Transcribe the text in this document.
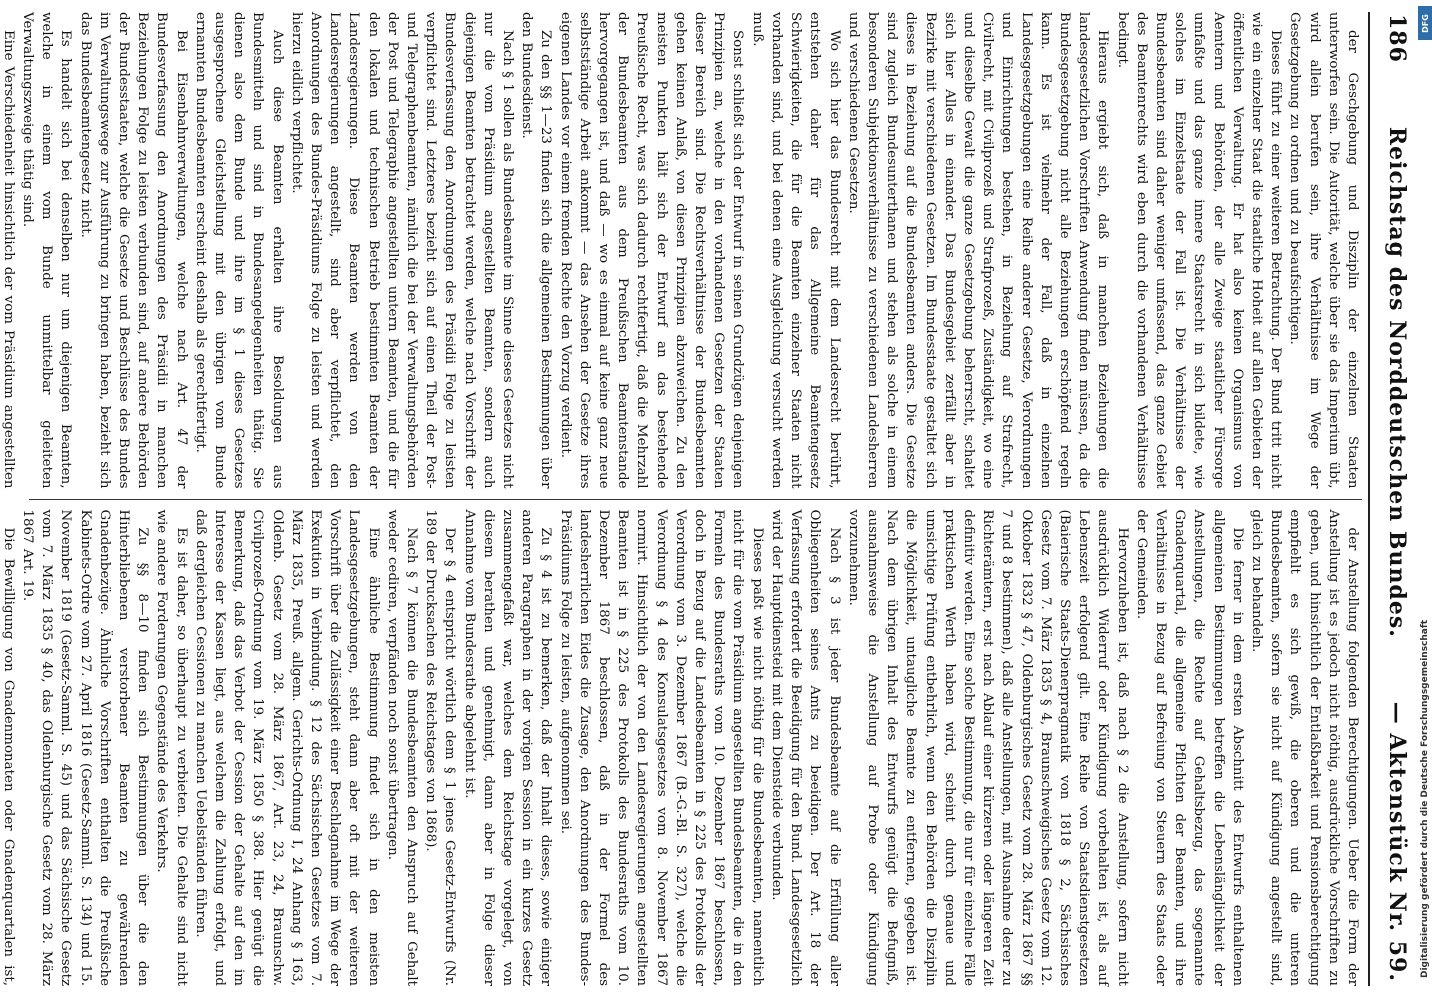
186
Reichstag des Norddeutschen Bundes.
— Aktenstück Nr. 59.

der Geschgebung und Disziplin der einzelnen Staaten unterworfen sein. Die Autorität, welche über sie das Imperium übt, wird allein berufen sein, ihre Verhältnisse im Wege der Gesetzgebung zu ordnen und zu beaufsichtigen.

Dieses führt zu einer weiteren Betrachtung. Der Bund tritt nicht wie ein einzelner Staat die staatliche Hoheit auf allen Gebieten der öffentlichen Verwaltung. Er hat also keinen Organismus von Aemtern und Behörden, der alle Zweige staatlicher Fürsorge umfaßte und das ganze innere Staatsrecht in sich bildete, wie solches im Einzelstaate der Fall ist. Die Verhältnisse der Bundesbeamten sind daher weniger umfassend, das ganze Gebiet des Beamtenrechts wird eben durch die vorhandenen Verhältnisse bedingt.

Hieraus ergiebt sich, daß in manchen Beziehungen die landesgesetzlichen Vorschriften Anwendung finden müssen, da die Bundesgesetzgebung nicht alle Beziehungen erschöpfend regeln kann. Es ist vielmehr der Fall, daß in einzelnen Landesgesetzgebungen eine Reihe anderer Gesetze, Verordnungen und Einrichtungen bestehen, in Beziehung auf Strafrecht, Civilrecht, mit Civilprozeß und Strafprozeß, Zuständigkeit, wo eine und dieselbe Gewalt die ganze Gesetzgebung beherrscht, schaltet sich hier Alles in einander. Das Bundesgebiet zerfällt aber in Bezirke mit verschiedenen Gesetzen. Im Bundesstaate gestaltet sich dieses in Beziehung auf die Bundesbeamten anders. Die Gesetze sind zugleich Bundesunterthanen und stehen als solche in einem besonderen Subjektionsverhältnisse zu verschiedenen Landesherren und verschiedenen Gesetzen.

Wo sich hier das Bundesrecht mit dem Landesrecht berührt, entstehen daher für das Allgemeine Beamtengesetz Schwierigkeiten, die für die Beamten einzelner Staaten nicht vorhanden sind, und bei denen eine Ausgleichung versucht werden muß.

Sonst schließt sich der Entwurf in seinen Grundzügen denjenigen Prinzipien an, welche in den vorhandenen Gesetzen der Staaten dieser Bereich sind. Die Rechtsverhältnisse der Bundesbeamten gehen keinen Anlaß, von diesen Prinzipien abzuweichen. Zu den meisten Punkten hält sich der Entwurf an das bestehende Preußische Recht, was sich dadurch rechtfertigt, daß die Mehrzahl der Bundesbeamten aus dem Preußischen Beamtenstande hervorgegangen ist, und daß — wo es einmal auf keine ganz neue selbstständige Arbeit ankommt — das Ansehen der Gesetze ihres eigenen Landes vor einem fremden Rechte den Vorzug verdient.

Zu den §§ 1—23 finden sich die allgemeinen Bestimmungen über den Bundesdienst.

Nach § 1 sollen als Bundesbeamte im Sinne dieses Gesetzes nicht nur die vom Präsidium angestellten Beamten, sondern auch diejenigen Beamten betrachtet werden, welche nach Vorschrift der Bundesverfassung den Anordnungen des Präsidii Folge zu leisten verpflichtet sind. Letzteres bezieht sich auf einen Theil der Post- und Telegraphenbeamten, nämlich die bei der Verwaltungsbehörden der Post und Telegraphie angestellten untern Beamten, und die für den lokalen und technischen Betrieb bestimmten Beamten der Landesregierungen. Diese Beamten werden von den Landesregierungen angestellt, sind aber verpflichtet, den Anordnungen des Bundes-Präsidiums Folge zu leisten und werden hierzu eidlich verpflichtet.

Auch diese Beamten erhalten ihre Besoldungen aus Bundesmitteln und sind in Bundesangelegenheiten thätig. Sie dienen also dem Bunde und ihre im § 1 dieses Gesetzes ausgesprochene Gleichstellung mit den übrigen vom Bunde ernannten Bundesbeamten erscheint deshalb als gerechtfertigt.

Bei Eisenbahnverwaltungen, welche nach Art. 47 der Bundesverfassung den Anordnungen des Präsidii in manchen Beziehungen Folge zu leisten verbunden sind, auf andere Behörden der Bundesstaaten, welche die Gesetze und Beschlüsse des Bundes im Verwaltungswege zur Ausführung zu bringen haben, bezieht sich das Bundesbeamtengesetz nicht.

Es handelt sich bei denselben nur um diejenigen Beamten, welche in einem vom Bunde unmittelbar geleiteten Verwaltungszweige thätig sind.

Eine Verschiedenheit hinsichtlich der vom Präsidium angestellten

der Anstellung folgenden Berechtigungen. Ueber die Form der Anstellung ist es jedoch nicht nöthig, ausdrückliche Vorschriften zu geben, und hinsichtlich der Entlaßbarkeit und Pensionsberechtigung empfiehlt es sich gewiß, die oberen und die unteren Bundesbeamten, sofern sie nicht auf Kündigung angestellt sind, gleich zu behandeln.

Die ferner in dem ersten Abschnitt des Entwurfs enthaltenen allgemeinen Bestimmungen betreffen die Lebenslänglichkeit der Anstellungen, die Rechte auf Gehaltsbezug, das sogenannte Gnadenquartal, die allgemeine Pflichten der Beamten, und ihre Verhältnisse in Bezug auf Befreiung von Steuern des Staats oder der Gemeinden.

Hervorzuheben ist, daß nach § 2 die Anstellung, sofern nicht ausdrücklich Widerruf oder Kündigung vorbehalten ist, als auf Lebenszeit erfolgend gilt. Eine Reihe von Staatsdienstgesetzen (Baierische Staats-Dienerpragmatik von 1818 § 2, Sächsisches Gesetz vom 7. März 1835 § 4, Braunschweigisches Gesetz vom 12. Oktober 1832 § 47, Oldenburgisches Gesetz vom 28. März 1867 §§ 7 und 8 bestimmen), daß alle Anstellungen, mit Ausnahme derer zu Richterämtern, erst nach Ablauf einer kürzeren oder längeren Zeit definitiv werden. Eine solche Bestimmung, die nur für einzelne Fälle praktischen Werth haben wird, scheint durch genaue und umsichtige Prüfung entbehrlich, wenn den Behörden die Disziplin die Möglichkeit, untaugliche Beamte zu entfernen, gegeben ist. Nach dem übrigen Inhalt des Entwurfs genügt die Befugniß, ausnahmsweise die Anstellung auf Probe oder Kündigung vorzunehmen.

Nach § 3 ist jeder Bundesbeamte auf die Erfüllung aller Obliegenheiten seines Amts zu beeidigen. Der Art. 18 der Verfassung erfordert die Beeidigung für den Bund. Landesgesetzlich wird der Hauptdiensteid mit dem Diensteide verbunden.

Dieses paßt wie nicht nöthig für die Bundesbeamten, namentlich nicht für die vom Präsidium angestellten Bundesbeamten, die in den Formeln des Bundesraths vom 10. Dezember 1867 beschlossen, doch in Bezug auf die Landesbeamten in § 225 des Protokolls der Verordnung vom 3. Dezember 1867 (B.-G.-Bl. S. 327), welche die Verordnung § 4 des Konsulatsgesetzes vom 8. November 1867 normirt. Hinsichtlich der von den Landesregierungen angestellten Beamten ist in § 225 des Protokolls des Bundesraths vom 10. Dezember 1867 beschlossen, daß in der Formel des landesherrlichen Eides die Zusage, den Anordnungen des Bundes-Präsidiums Folge zu leisten, aufgenommen sei.

Zu § 4 ist zu bemerken, daß der Inhalt dieses, sowie einiger anderen Paragraphen in der vorigen Session in ein kurzes Gesetz zusammengefaßt war, welches dem Reichstage vorgelegt, von diesem berathen und genehmigt, dann aber in Folge dieser Annahme vom Bundesrathe abgelehnt ist.

Der § 4 entspricht wörtlich dem § 1 jenes Gesetz-Entwurfs (Nr. 189 der Drucksachen des Reichstages von 1868).

Nach § 7 können die Bundesbeamten den Anspruch auf Gehalt weder cediren, verpfänden noch sonst übertragen.

Eine ähnliche Bestimmung findet sich in den meisten Landesgesetzgebungen, steht dann aber oft mit der weiteren Vorschrift über die Zulässigkeit einer Beschlagnahme im Wege der Exekution in Verbindung. § 12 des Sächsischen Gesetzes vom 7. März 1835, Preuß. allgem. Gerichts-Ordnung I, 24 Anhang § 163, Oldenb. Gesetz vom 28. März 1867, Art. 23, 24, Braunschw. Civilprozeß-Ordnung vom 19. März 1850 § 388. Hier genügt die Bemerkung, daß das Verbot der Cession der Gehalte auf den im Interesse der Kassen liegt, aus welchem die Zahlung erfolgt, und daß dergleichen Cessionen zu manchen Uebelständen führen.

Es ist daher, so überhaupt zu verbieten. Die Gehalte sind nicht wie andere Forderungen Gegenstände des Verkehrs.

Zu §§ 8—10 finden sich Bestimmungen über die den Hinterbliebenen verstorbener Beamten zu gewährenden Gnadenbezüge. Ähnliche Vorschriften enthalten die Preußische Kabinets-Ordre vom 27. April 1816 (Gesetz-Samml. S. 134) und 15. November 1819 (Gesetz-Samml. S. 45) und das Sächsische Gesetz vom 7. März 1835 § 40, das Oldenburgische Gesetz vom 28. März 1867 Art. 19.

Die Bewilligung von Gnadenmonaten oder Gnadenquartalen ist,

DFG
Digitalisierung gefördert durch die Deutsche Forschungsgemeinschaft
